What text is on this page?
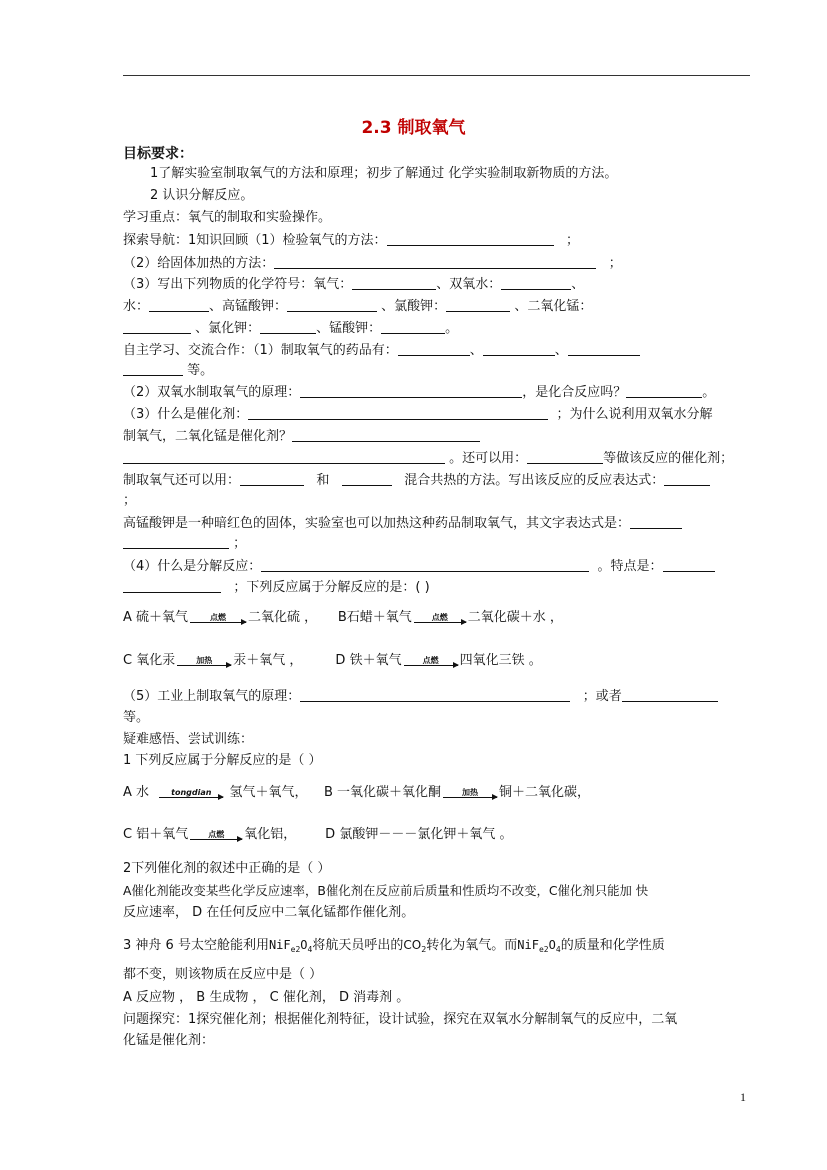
2.3 制取氧气
目标要求：
1了解实验室制取氧气的方法和原理；初步了解通过 化学实验制取新物质的方法。
2 认识分解反应。
学习重点：氧气的制取和实验操作。
探索导航：1知识回顾（1）检验氧气的方法：	；
（2）给固体加热的方法：	；
（3）写出下列物质的化学符号：氧气：	、双氧水：	、
水：	、高锰酸钾：	、氯酸钾：	、二氧化锰：
、氯化钾：	、锰酸钾：	。
自主学习、交流合作：（1）制取氧气的药品有：	、	、
等。
（2）双氧水制取氧气的原理：	，是化合反应吗？	。
（3）什么是催化剂：	；为什么说利用双氧水分解
制氧气，二氧化锰是催化剂？
。还可以用：	等做该反应的催化剂；
制取氧气还可以用：	和	混合共热的方法。写出该反应的反应表达式：
；
高锰酸钾是一种暗红色的固体，实验室也可以加热这种药品制取氧气，其文字表达式是：
；
（4）什么是分解反应：	。特点是：
；下列反应属于分解反应的是：( )
A 硫＋氧气	点燃	二氧化硫 ， B石蜡＋氧气	点燃	二氧化碳＋水 ，
C 氧化汞	加热	汞＋氧气 ，	D 铁＋氧气	点燃	四氧化三铁 。
（5）工业上制取氧气的原理：	；或者
等。
疑难感悟、尝试训练：
1 下列反应属于分解反应的是（ ）
A 水	tongdian	氢气＋氧气， B 一氧化碳＋氧化酮	加热	铜＋二氧化碳，
C 铝＋氧气	点燃	氧化铝， D 氯酸钾－－－氯化钾＋氧气 。
2下列催化剂的叙述中正确的是（ ）
A催化剂能改变某些化学反应速率，B催化剂在反应前后质量和性质均不改变，C催化剂只能加 快
反应速率， D 在任何反应中二氧化锰都作催化剂。
3 神舟 6 号太空舱能利用$NiF_{e2}O_4$将航天员呼出的$CO_2$转化为氧气。而$NiF_{e2}O_4$的质量和化学性质
都不变，则该物质在反应中是（ ）
A 反应物 ， B 生成物 ， C 催化剂， D 消毒剂 。
问题探究：1探究催化剂；根据催化剂特征，设计试验，探究在双氧水分解制氧气的反应中，二氧
化锰是催化剂：
1
